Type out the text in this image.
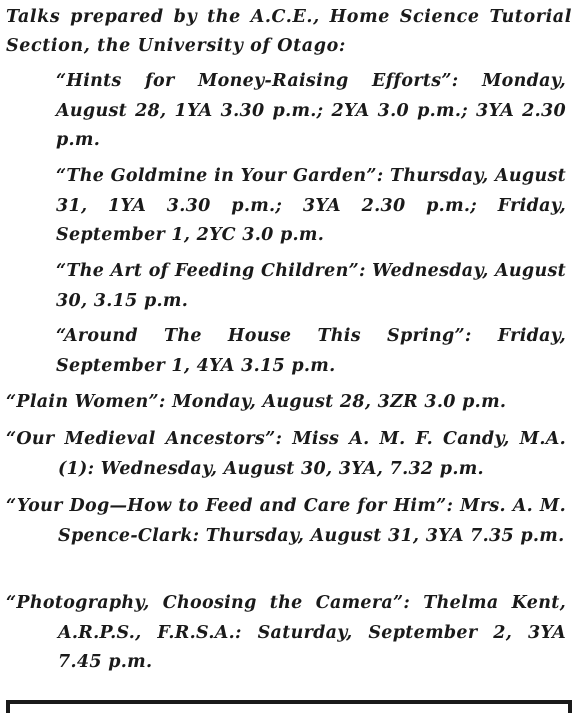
Talks prepared by the A.C.E., Home Science Tutorial Section, the University of Otago:

“Hints for Money-Raising Efforts”: Monday, August 28, 1YA 3.30 p.m.; 2YA 3.0 p.m.; 3YA 2.30 p.m.

“The Goldmine in Your Garden”: Thursday, August 31, 1YA 3.30 p.m.; 3YA 2.30 p.m.; Friday, September 1, 2YC 3.0 p.m.

“The Art of Feeding Children”: Wednesday, August 30, 3.15 p.m.

“Around The House This Spring”: Friday, September 1, 4YA 3.15 p.m.

“Plain Women”: Monday, August 28, 3ZR 3.0 p.m.

“Our Medieval Ancestors”: Miss A. M. F. Candy, M.A. (1): Wednesday, August 30, 3YA, 7.32 p.m.

“Your Dog—How to Feed and Care for Him”: Mrs. A. M. Spence-Clark: Thursday, August 31, 3YA 7.35 p.m.

“Photography, Choosing the Camera”: Thelma Kent, A.R.P.S., F.R.S.A.: Saturday, September 2, 3YA 7.45 p.m.
